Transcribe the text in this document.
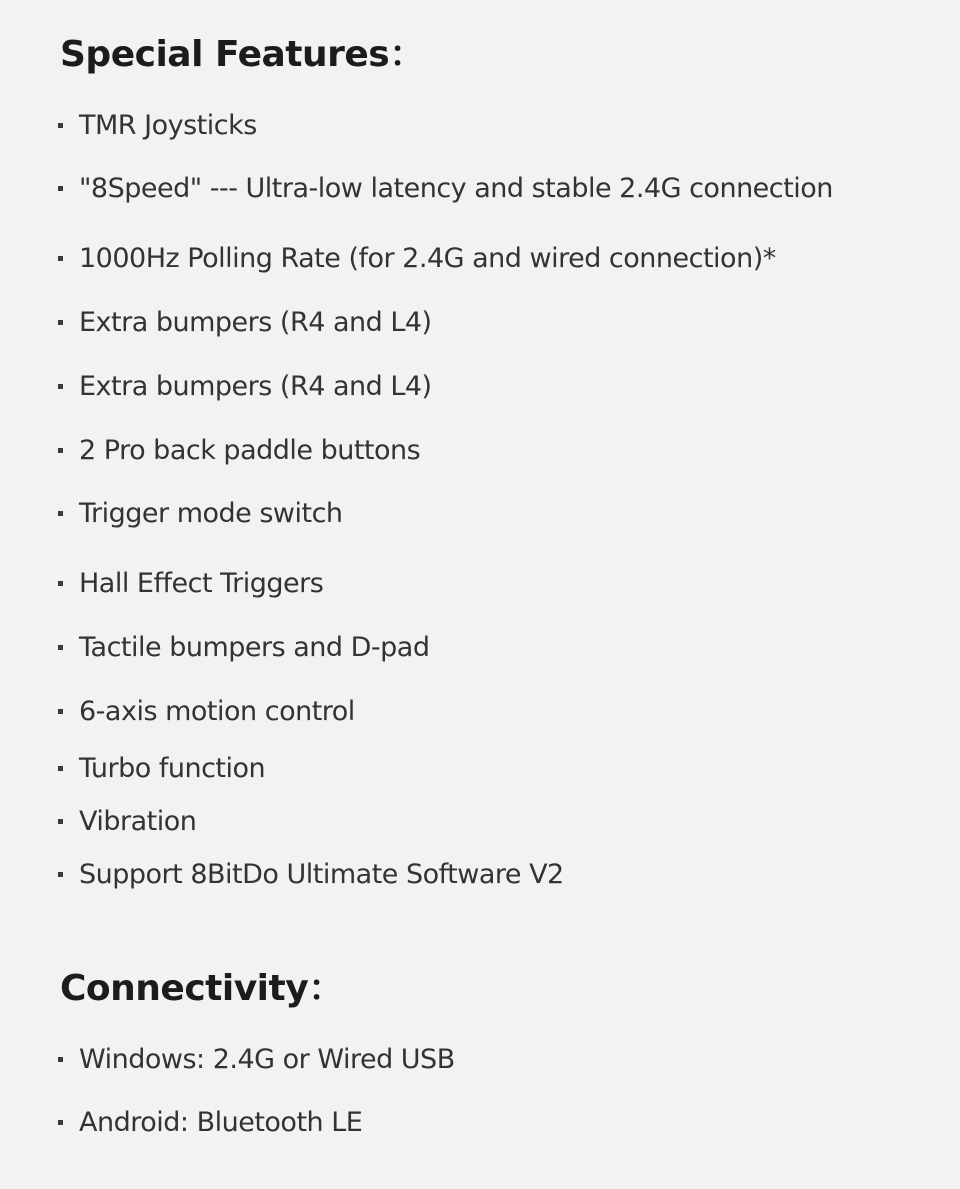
Special Features：
TMR Joysticks
"8Speed" --- Ultra-low latency and stable 2.4G connection
1000Hz Polling Rate (for 2.4G and wired connection)*
Extra bumpers (R4 and L4)
Extra bumpers (R4 and L4)
2 Pro back paddle buttons
Trigger mode switch
Hall Effect Triggers
Tactile bumpers and D-pad
6-axis motion control
Turbo function
Vibration
Support 8BitDo Ultimate Software V2
Connectivity：
Windows: 2.4G or Wired USB
Android: Bluetooth LE
